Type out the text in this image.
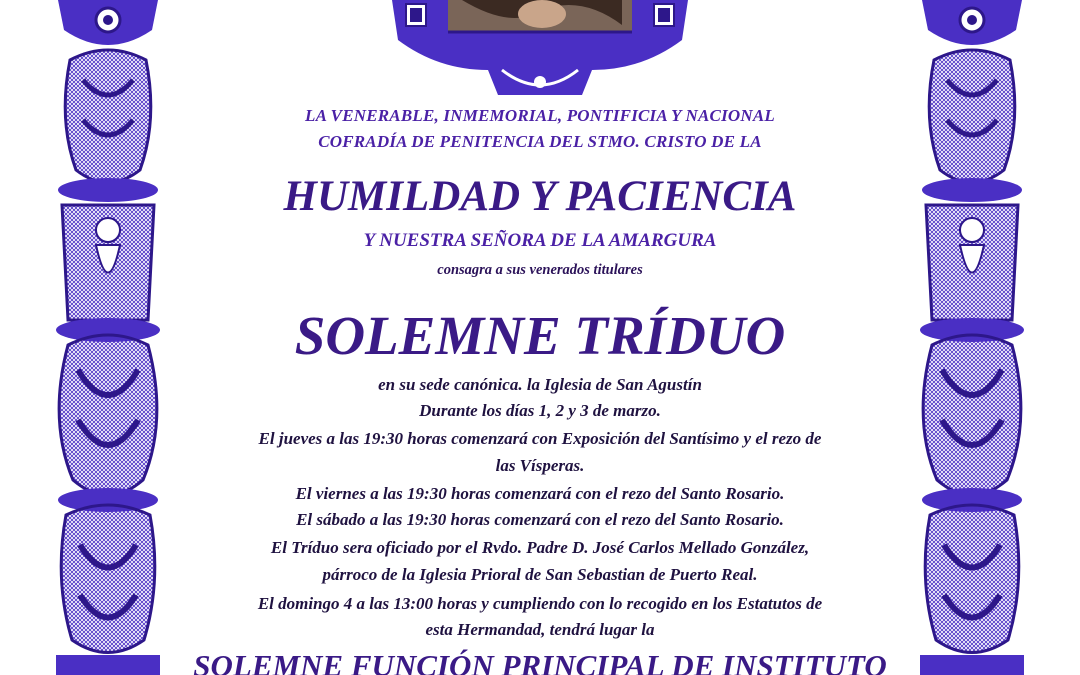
LA VENERABLE, INMEMORIAL, PONTIFICIA Y NACIONAL
COFRADÍA DE PENITENCIA DEL STMO. CRISTO DE LA
HUMILDAD Y PACIENCIA
Y NUESTRA SEÑORA DE LA AMARGURA
consagra a sus venerados titulares
SOLEMNE TRÍDUO
en su sede canónica. la Iglesia de San Agustín
Durante los días 1, 2 y 3 de marzo.
El jueves a las 19:30 horas comenzará con Exposición del Santísimo y el rezo de
las Vísperas.
El viernes a las 19:30 horas comenzará con el rezo del Santo Rosario.
El sábado a las 19:30 horas comenzará con el rezo del Santo Rosario.
El Tríduo sera oficiado por el Rvdo. Padre D. José Carlos Mellado González,
párroco de la Iglesia Prioral de San Sebastian de Puerto Real.
El domingo 4 a las 13:00 horas y cumpliendo con lo recogido en los Estatutos de
esta Hermandad, tendrá lugar la
SOLEMNE FUNCIÓN PRINCIPAL DE INSTITUTO
